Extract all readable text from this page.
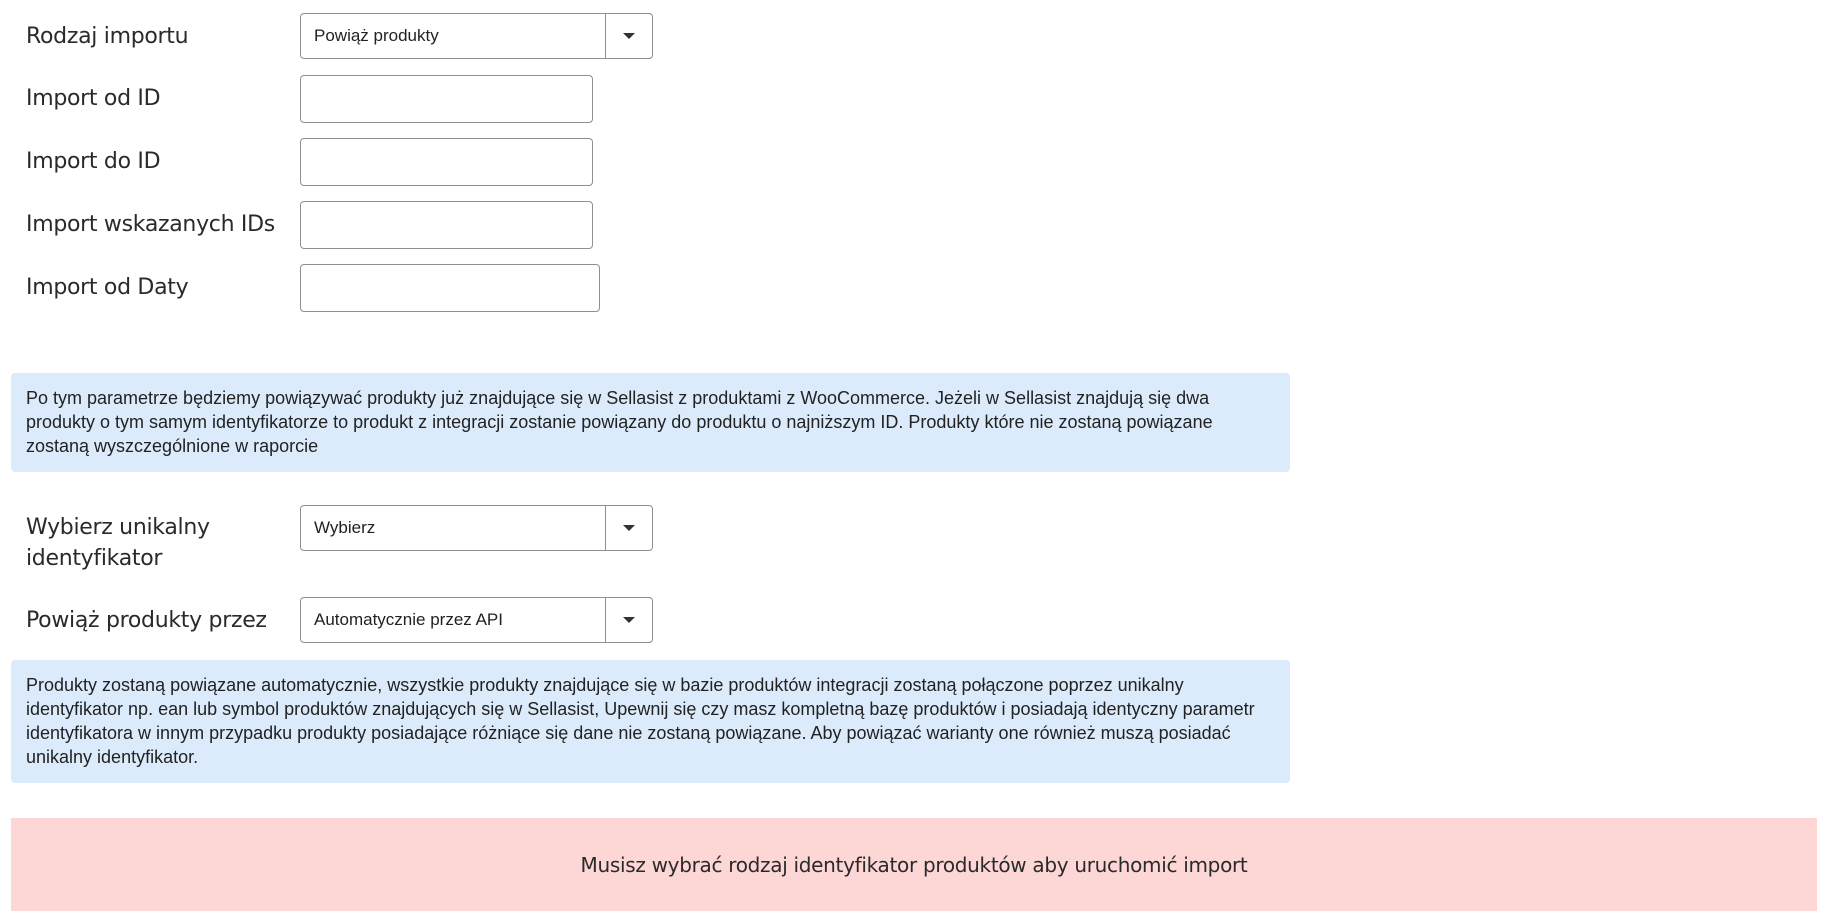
Rodzaj importu	Powiąż produkty
Import od ID
Import do ID
Import wskazanych IDs
Import od Daty
Po tym parametrze będziemy powiązywać produkty już znajdujące się w Sellasist z produktami z WooCommerce. Jeżeli w Sellasist znajdują się dwa produkty o tym samym identyfikatorze to produkt z integracji zostanie powiązany do produktu o najniższym ID. Produkty które nie zostaną powiązane zostaną wyszczególnione w raporcie
Wybierz unikalny identyfikator
Wybierz
Powiąż produkty przez	Automatycznie przez API
Produkty zostaną powiązane automatycznie, wszystkie produkty znajdujące się w bazie produktów integracji zostaną połączone poprzez unikalny identyfikator np. ean lub symbol produktów znajdujących się w Sellasist, Upewnij się czy masz kompletną bazę produktów i posiadają identyczny parametr identyfikatora w innym przypadku produkty posiadające różniące się dane nie zostaną powiązane. Aby powiązać warianty one również muszą posiadać unikalny identyfikator.
Musisz wybrać rodzaj identyfikator produktów aby uruchomić import
